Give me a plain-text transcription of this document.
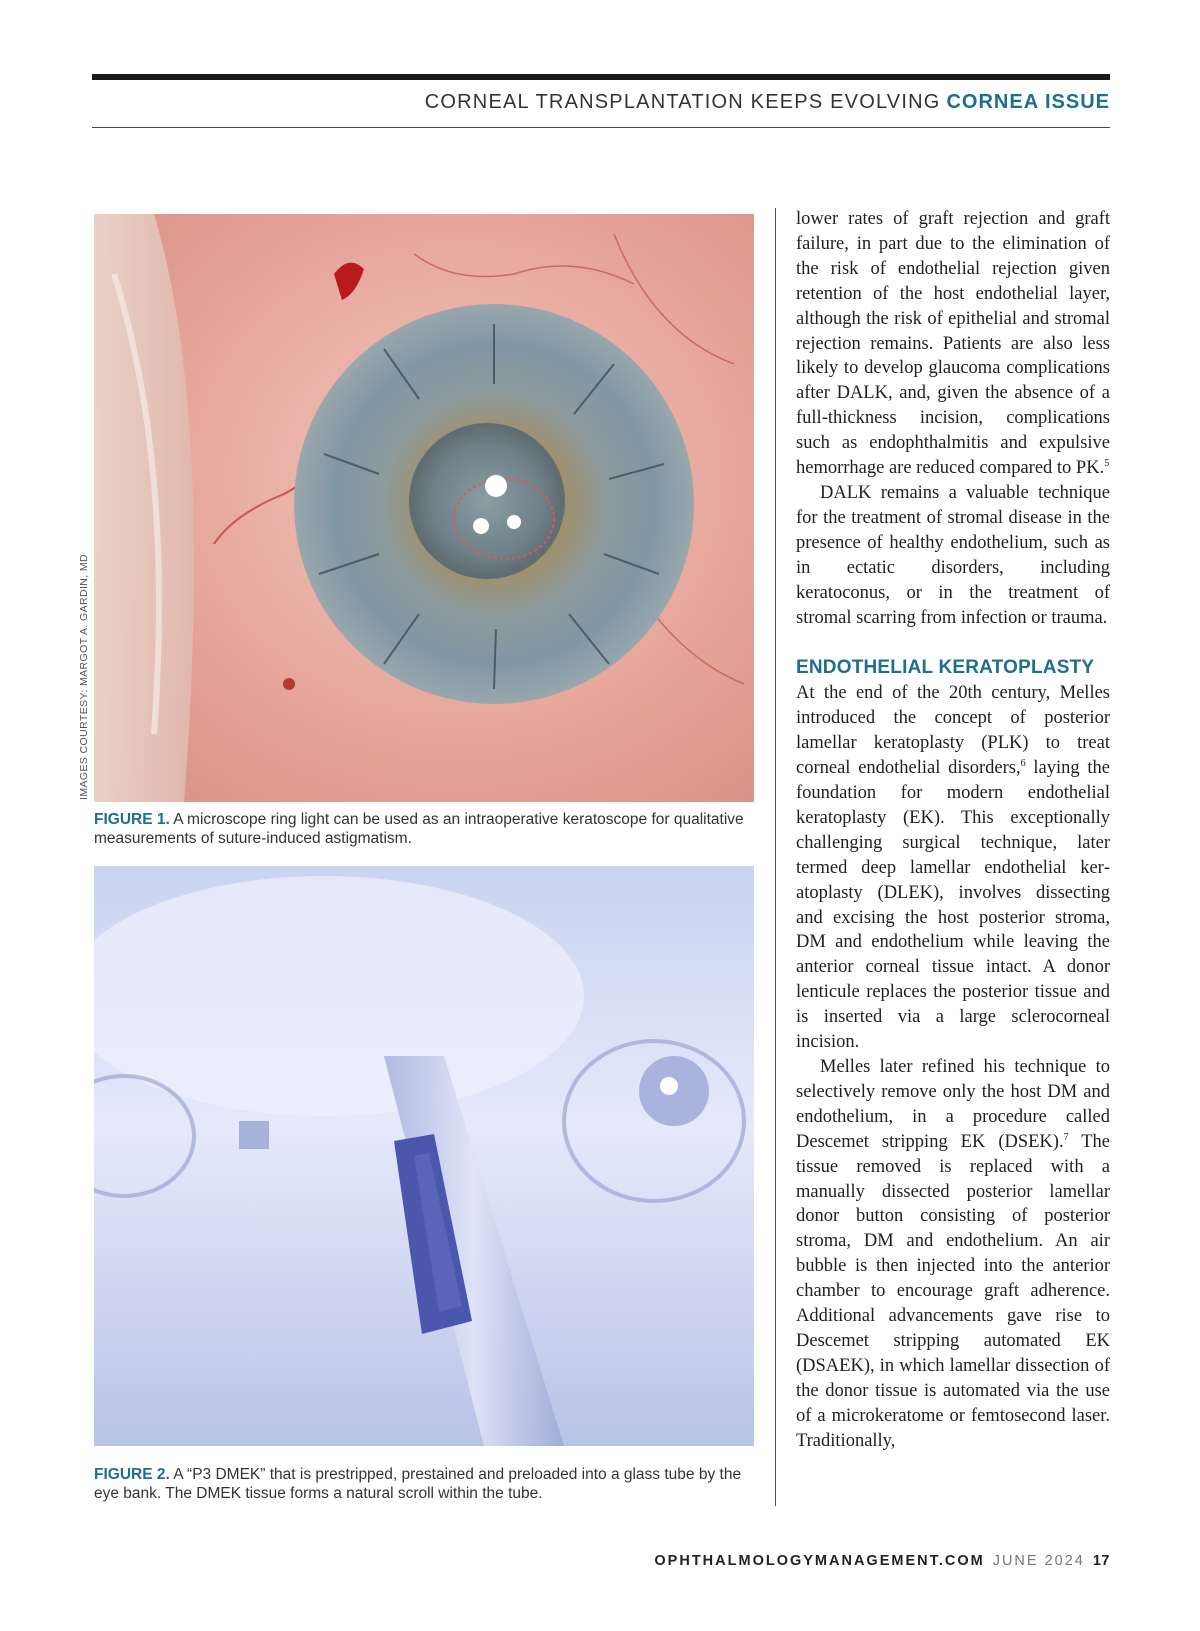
CORNEAL TRANSPLANTATION KEEPS EVOLVING CORNEA ISSUE
IMAGES COURTESY: MARGOT A. GARDIN, MD
FIGURE 1. A microscope ring light can be used as an intraoperative keratoscope for qualitative measurements of suture-induced astigmatism.
FIGURE 2. A “P3 DMEK” that is prestripped, prestained and preloaded into a glass tube by the eye bank. The DMEK tissue forms a natural scroll within the tube.

lower rates of graft rejection and graft failure, in part due to the elimination of the risk of endothelial rejection given retention of the host endothelial layer, although the risk of epithelial and stromal rejection remains. Patients are also less likely to develop glaucoma complications after DALK, and, given the absence of a full-thickness incision, complications such as endophthalmitis and expulsive hemorrhage are reduced compared to PK.$^5$

DALK remains a valuable technique for the treatment of stromal disease in the presence of healthy endothelium, such as in ectatic disorders, including keratoconus, or in the treatment of stromal scarring from infection or trauma.

ENDOTHELIAL KERATOPLASTY

At the end of the 20th century, Melles introduced the concept of posterior lamellar keratoplasty (PLK) to treat corneal endothelial disorders,$^6$ laying the foundation for modern endothelial keratoplasty (EK). This exceptionally challenging surgical technique, later termed deep lamellar endothelial keratoplasty (DLEK), involves dissecting and excising the host posterior stroma, DM and endothelium while leaving the anterior corneal tissue intact. A donor lenticule replaces the posterior tissue and is inserted via a large sclerocorneal incision.

Melles later refined his technique to selectively remove only the host DM and endothelium, in a procedure called Descemet stripping EK (DSEK).$^7$ The tissue removed is replaced with a manually dissected posterior lamellar donor button consisting of posterior stroma, DM and endothelium. An air bubble is then injected into the anterior chamber to encourage graft adherence. Additional advancements gave rise to Descemet stripping automated EK (DSAEK), in which lamellar dissection of the donor tissue is automated via the use of a microkeratome or femtosecond laser. Traditionally,

OPHTHALMOLOGYMANAGEMENT.COM JUNE 2024 17
